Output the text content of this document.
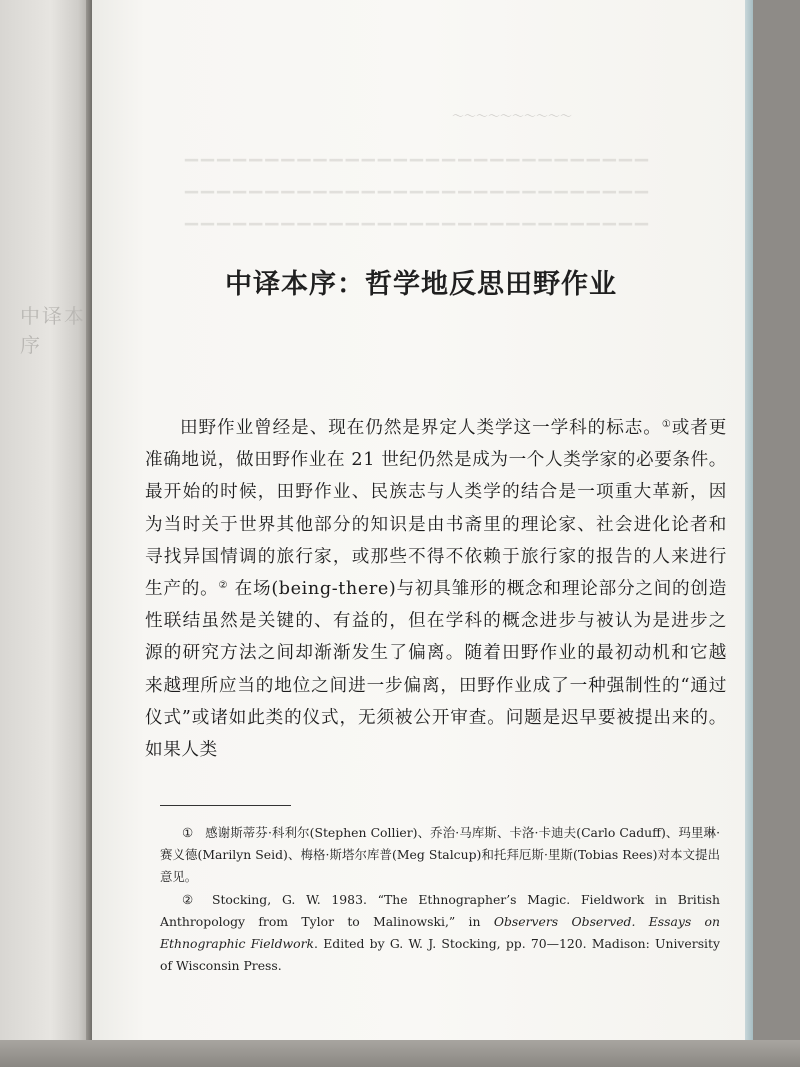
中译本序
〜〜〜〜〜〜〜〜〜〜
▁▁▁▁▁▁▁▁▁▁▁▁▁▁▁▁▁▁▁▁▁▁▁▁▁▁▁▁▁
▁▁▁▁▁▁▁▁▁▁▁▁▁▁▁▁▁▁▁▁▁▁▁▁▁▁▁▁▁
▁▁▁▁▁▁▁▁▁▁▁▁▁▁▁▁▁▁▁▁▁▁▁▁▁▁▁▁▁
中译本序：哲学地反思田野作业

田野作业曾经是、现在仍然是界定人类学这一学科的标志。①或者更准确地说，做田野作业在 21 世纪仍然是成为一个人类学家的必要条件。最开始的时候，田野作业、民族志与人类学的结合是一项重大革新，因为当时关于世界其他部分的知识是由书斋里的理论家、社会进化论者和寻找异国情调的旅行家，或那些不得不依赖于旅行家的报告的人来进行生产的。② 在场(being-there)与初具雏形的概念和理论部分之间的创造性联结虽然是关键的、有益的，但在学科的概念进步与被认为是进步之源的研究方法之间却渐渐发生了偏离。随着田野作业的最初动机和它越来越理所应当的地位之间进一步偏离，田野作业成了一种强制性的“通过仪式”或诸如此类的仪式，无须被公开审查。问题是迟早要被提出来的。如果人类

① 感谢斯蒂芬·科利尔(Stephen Collier)、乔治·马库斯、卡洛·卡迪夫(Carlo Caduff)、玛里琳·赛义德(Marilyn Seid)、梅格·斯塔尔库普(Meg Stalcup)和托拜厄斯·里斯(Tobias Rees)对本文提出意见。

② Stocking, G. W. 1983. “The Ethnographer’s Magic. Fieldwork in British Anthropology from Tylor to Malinowski,” in Observers Observed. Essays on Ethnographic Fieldwork. Edited by G. W. J. Stocking, pp. 70—120. Madison: University of Wisconsin Press.
